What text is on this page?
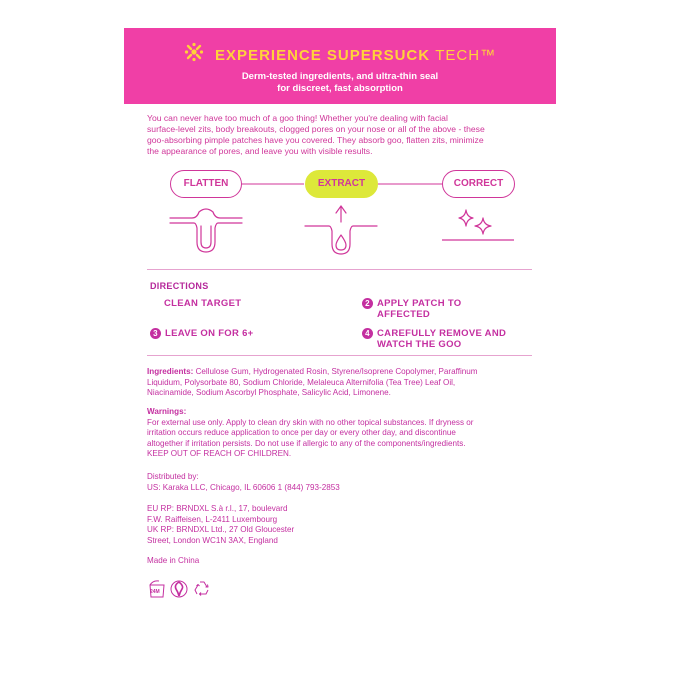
EXPERIENCE SUPERSUCK TECH™
Derm-tested ingredients, and ultra-thin seal
for discreet, fast absorption
You can never have too much of a goo thing! Whether you're dealing with facial
surface-level zits, body breakouts, clogged pores on your nose or all of the above - these
goo-absorbing pimple patches have you covered. They absorb goo, flatten zits, minimize
the appearance of pores, and leave you with visible results.
FLATTEN	EXTRACT	CORRECT
DIRECTIONS
CLEAN TARGET	2 APPLY PATCH TO
AFFECTED
3 LEAVE ON FOR 6+	4 CAREFULLY REMOVE AND
WATCH THE GOO
Ingredients: Cellulose Gum, Hydrogenated Rosin, Styrene/Isoprene Copolymer, Paraffinum
Liquidum, Polysorbate 80, Sodium Chloride, Melaleuca Alternifolia (Tea Tree) Leaf Oil,
Niacinamide, Sodium Ascorbyl Phosphate, Salicylic Acid, Limonene.
Warnings:
For external use only. Apply to clean dry skin with no other topical substances. If dryness or
irritation occurs reduce application to once per day or every other day, and discontinue
altogether if irritation persists. Do not use if allergic to any of the components/ingredients.
KEEP OUT OF REACH OF CHILDREN.
Distributed by:
US: Karaka LLC, Chicago, IL 60606 1 (844) 793-2853
EU RP: BRNDXL S.à r.l., 17, boulevard
F.W. Raiffeisen, L-2411 Luxembourg
UK RP: BRNDXL Ltd., 27 Old Gloucester
Street, London WC1N 3AX, England
Made in China
24M
